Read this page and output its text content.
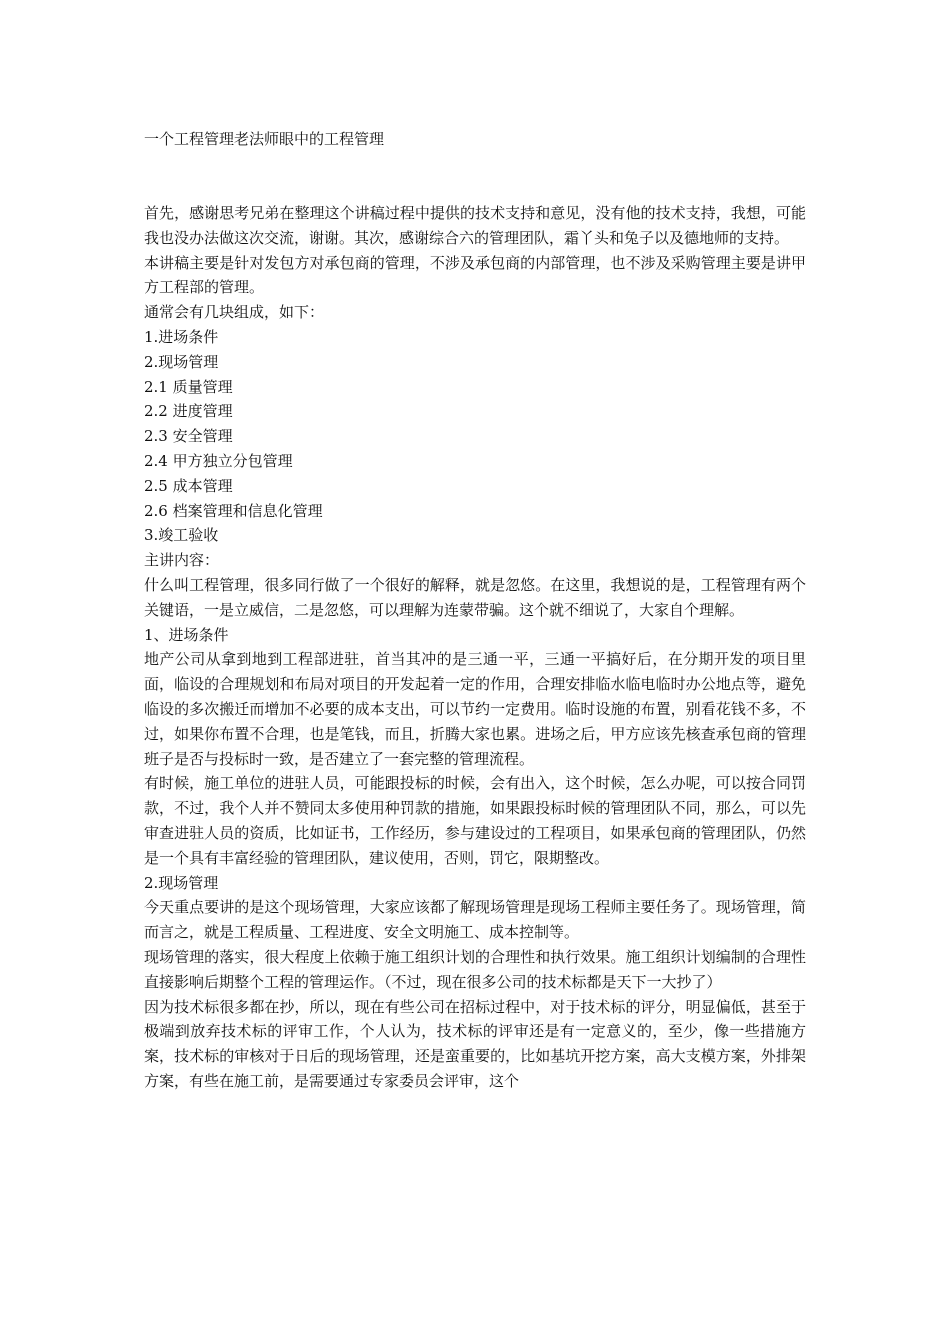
一个工程管理老法师眼中的工程管理

首先，感谢思考兄弟在整理这个讲稿过程中提供的技术支持和意见，没有他的技术支持，我想，可能我也没办法做这次交流，谢谢。其次，感谢综合六的管理团队，霜丫头和兔子以及德地师的支持。

本讲稿主要是针对发包方对承包商的管理，不涉及承包商的内部管理，也不涉及采购管理主要是讲甲方工程部的管理。

通常会有几块组成，如下：

1.进场条件

2.现场管理

2.1 质量管理

2.2 进度管理

2.3 安全管理

2.4 甲方独立分包管理

2.5 成本管理

2.6 档案管理和信息化管理

3.竣工验收

主讲内容：

什么叫工程管理，很多同行做了一个很好的解释，就是忽悠。在这里，我想说的是，工程管理有两个关键语，一是立威信，二是忽悠，可以理解为连蒙带骗。这个就不细说了，大家自个理解。

1、进场条件

地产公司从拿到地到工程部进驻，首当其冲的是三通一平，三通一平搞好后，在分期开发的项目里面，临设的合理规划和布局对项目的开发起着一定的作用，合理安排临水临电临时办公地点等，避免临设的多次搬迁而增加不必要的成本支出，可以节约一定费用。临时设施的布置，别看花钱不多，不过，如果你布置不合理，也是笔钱，而且，折腾大家也累。进场之后，甲方应该先核查承包商的管理班子是否与投标时一致，是否建立了一套完整的管理流程。

有时候，施工单位的进驻人员，可能跟投标的时候，会有出入，这个时候，怎么办呢，可以按合同罚款，不过，我个人并不赞同太多使用种罚款的措施，如果跟投标时候的管理团队不同，那么，可以先审查进驻人员的资质，比如证书，工作经历，参与建设过的工程项目，如果承包商的管理团队，仍然是一个具有丰富经验的管理团队，建议使用，否则，罚它，限期整改。

2.现场管理

今天重点要讲的是这个现场管理，大家应该都了解现场管理是现场工程师主要任务了。现场管理，简而言之，就是工程质量、工程进度、安全文明施工、成本控制等。

现场管理的落实，很大程度上依赖于施工组织计划的合理性和执行效果。施工组织计划编制的合理性直接影响后期整个工程的管理运作。（不过，现在很多公司的技术标都是天下一大抄了）

因为技术标很多都在抄，所以，现在有些公司在招标过程中，对于技术标的评分，明显偏低，甚至于极端到放弃技术标的评审工作，个人认为，技术标的评审还是有一定意义的，至少，像一些措施方案，技术标的审核对于日后的现场管理，还是蛮重要的，比如基坑开挖方案，高大支模方案，外排架方案，有些在施工前，是需要通过专家委员会评审，这个
